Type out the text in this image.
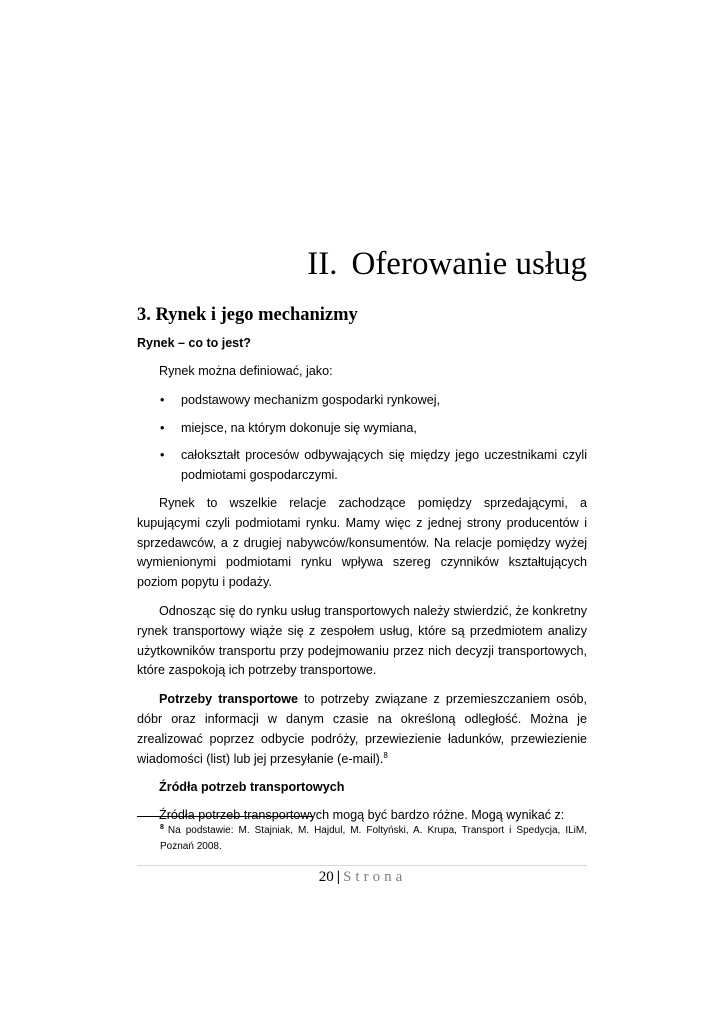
II. Oferowanie usług
3. Rynek i jego mechanizmy
Rynek – co to jest?

Rynek można definiować, jako:

• podstawowy mechanizm gospodarki rynkowej,
• miejsce, na którym dokonuje się wymiana,
• całokształt procesów odbywających się między jego uczestnikami czyli podmiotami gospodarczymi.

Rynek to wszelkie relacje zachodzące pomiędzy sprzedającymi, a kupującymi czyli podmiotami rynku. Mamy więc z jednej strony producentów i sprzedawców, a z drugiej nabywców/konsumentów. Na relacje pomiędzy wyżej wymienionymi podmiotami rynku wpływa szereg czynników kształtujących poziom popytu i podaży.

Odnosząc się do rynku usług transportowych należy stwierdzić, że konkretny rynek transportowy wiąże się z zespołem usług, które są przedmiotem analizy użytkowników transportu przy podejmowaniu przez nich decyzji transportowych, które zaspokoją ich potrzeby transportowe.

Potrzeby transportowe to potrzeby związane z przemieszczaniem osób, dóbr oraz informacji w danym czasie na określoną odległość. Można je zrealizować poprzez odbycie podróży, przewiezienie ładunków, przewiezienie wiadomości (list) lub jej przesyłanie (e-mail).$^8$

Źródła potrzeb transportowych

Źródła potrzeb transportowych mogą być bardzo różne. Mogą wynikać z:

$^8$ Na podstawie: M. Stajniak, M. Hajdul, M. Foltyński, A. Krupa, Transport i Spedycja, ILiM, Poznań 2008.
20 | Strona
